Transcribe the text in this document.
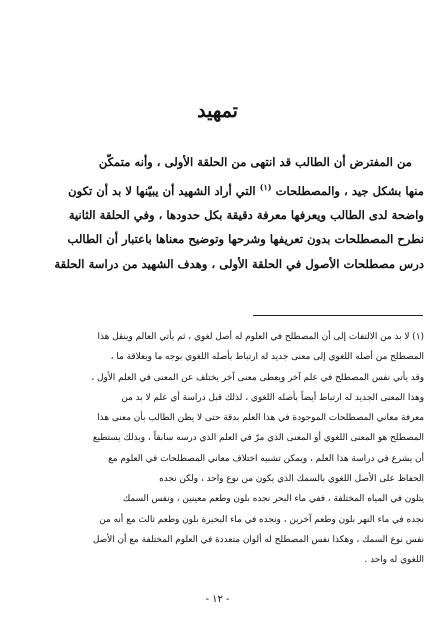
تمهيد

من المفترض أن الطالب قد انتهى من الحلقة الأولى ، وأنه متمكّن

منها بشكل جيد ، والمصطلحات $^{(١)}$ التي أراد الشهيد أن يبيّنها لا بد أن تكون

واضحة لدى الطالب ويعرفها معرفة دقيقة بكل حدودها ، وفي الحلقة الثانية

نطرح المصطلحات بدون تعريفها وشرحها وتوضيح معناها باعتبار أن الطالب

درس مصطلحات الأصول في الحلقة الأولى ، وهدف الشهيد من دراسة الحلقة

(١) لا بد من الالتفات إلى أن المصطلح في العلوم له أصل لغوي ، ثم يأتي العالم وينقل هذا

المصطلح من أصله اللغوي إلى معنى جديد له ارتباط بأصله اللغوي بوجه ما وبعلاقة ما ،

وقد يأتي نفس المصطلح في علم آخر ويعطى معنى آخر يختلف عن المعنى في العلم الأول ،

وهذا المعنى الجديد له ارتباط أيضاً بأصله اللغوي ، لذلك قبل دراسة أي علم لا بد من

معرفة معاني المصطلحات الموجودة في هذا العلم بدقة حتى لا يظن الطالب بأن معنى هذا

المصطلح هو المعنى اللغوي أو المعنى الذي مرّ في العلم الذي درسه سابقاً ، وبذلك يستطيع

أن يشرع في دراسة هذا العلم ، ويمكن تشبيه اختلاف معاني المصطلحات في العلوم مع

الحفاظ على الأصل اللغوي بالسمك الذي يكون من نوع واحد ، ولكن نجده

يتلون في المياه المختلفة ، ففي ماء البحر نجده بلون وطعم معينين ، ونفس السمك

نجده في ماء النهر بلون وطعم آخرين ، ونجده في ماء البحيرة بلون وطعم ثالث مع أنه من

نفس نوع السمك ، وهكذا نفس المصطلح له ألوان متعددة في العلوم المختلفة مع أن الأصل

اللغوي له واحد .

- ١٢ -
